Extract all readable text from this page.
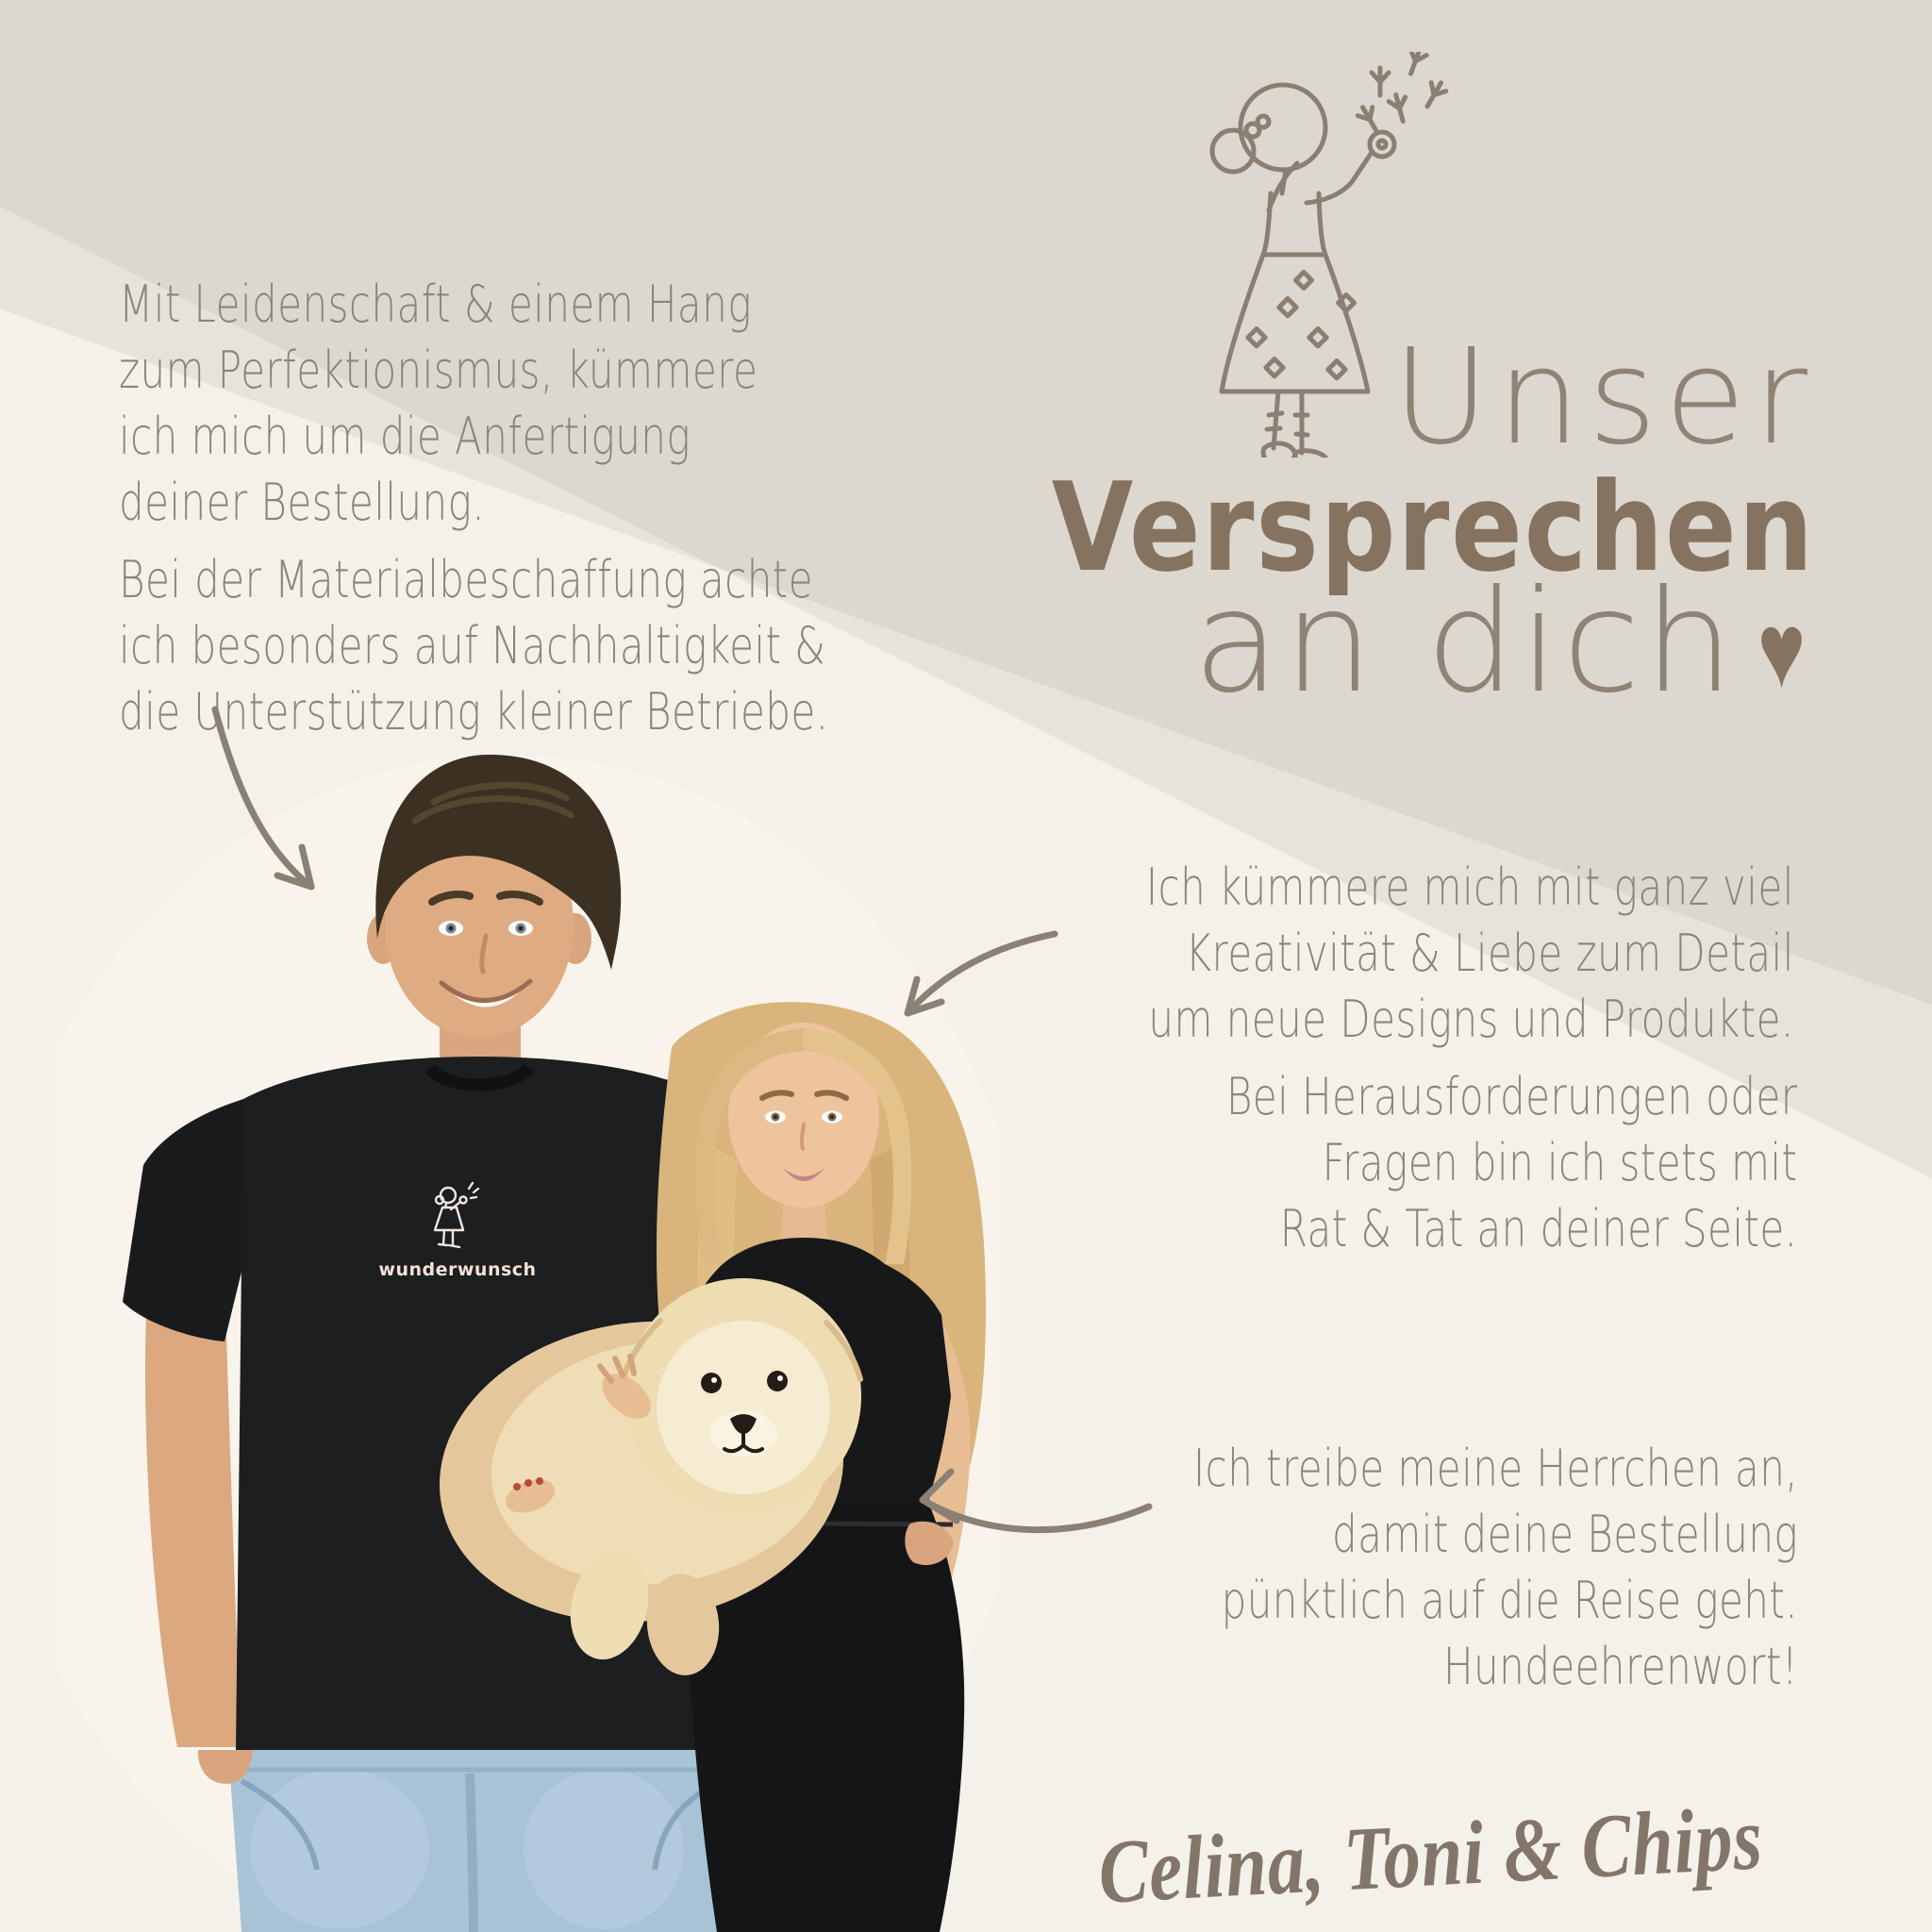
Mit Leidenschaft & einem Hang
zum Perfektionismus, kümmere
ich mich um die Anfertigung
deiner Bestellung.
Bei der Materialbeschaffung achte
ich besonders auf Nachhaltigkeit &
die Unterstützung kleiner Betriebe.
Unser
Versprechen
an dich ♥
Ich kümmere mich mit ganz viel
Kreativität & Liebe zum Detail
um neue Designs und Produkte.
Bei Herausforderungen oder
Fragen bin ich stets mit
Rat & Tat an deiner Seite.
Ich treibe meine Herrchen an,
damit deine Bestellung
pünktlich auf die Reise geht.
Hundeehrenwort!
wunderwunsch
Celina, Toni & Chips
